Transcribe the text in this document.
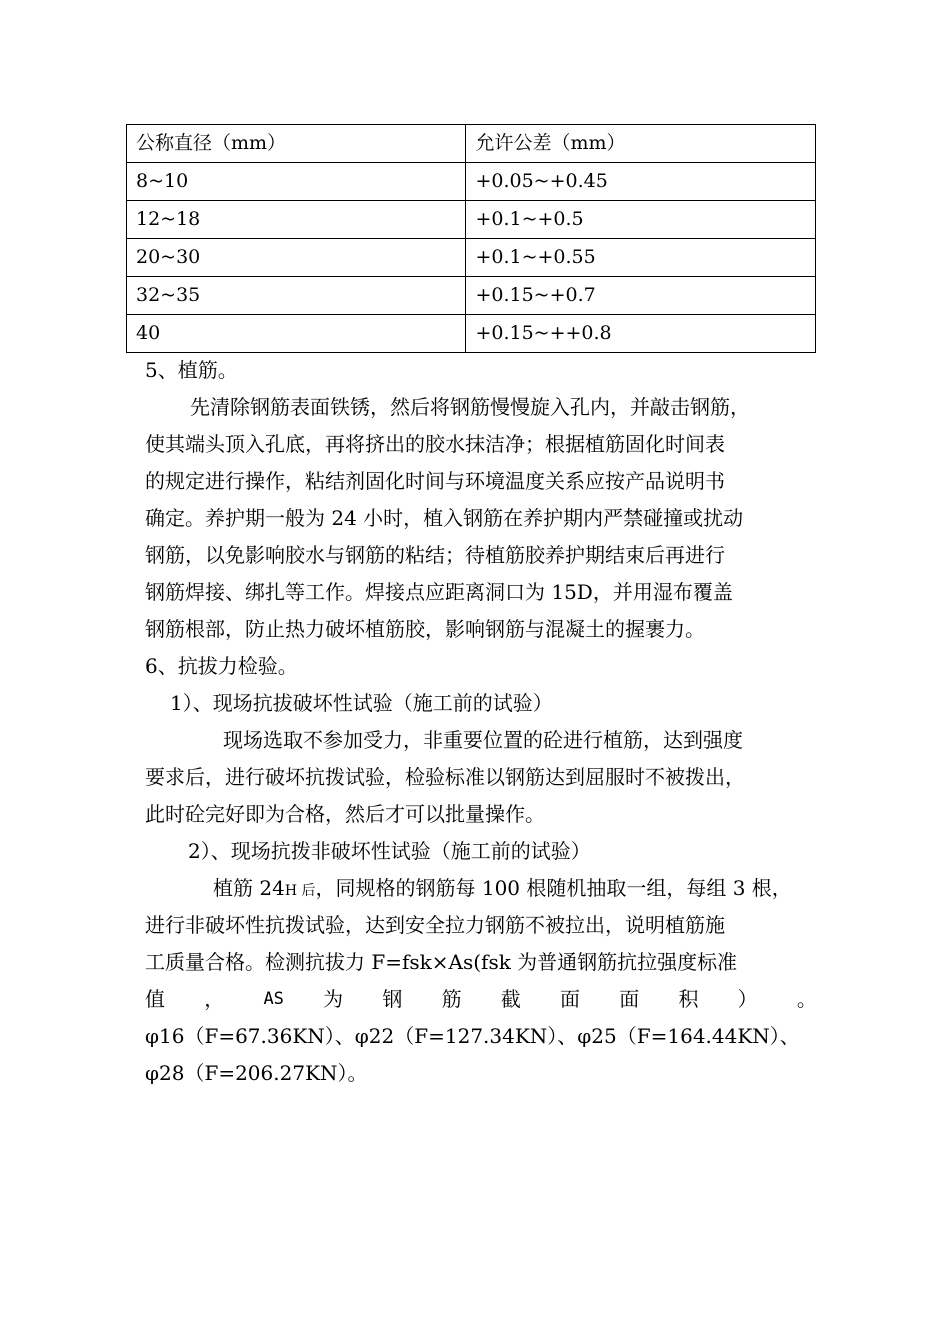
公称直径（mm）	允许公差（mm）
8~10	+0.05~+0.45
12~18	+0.1~+0.5
20~30	+0.1~+0.55
32~35	+0.15~+0.7
40	+0.15~++0.8
5、植筋。
先清除钢筋表面铁锈，然后将钢筋慢慢旋入孔内，并敲击钢筋，
使其端头顶入孔底，再将挤出的胶水抹洁净；根据植筋固化时间表
的规定进行操作，粘结剂固化时间与环境温度关系应按产品说明书
确定。养护期一般为 24 小时，植入钢筋在养护期内严禁碰撞或扰动
钢筋，以免影响胶水与钢筋的粘结；待植筋胶养护期结束后再进行
钢筋焊接、绑扎等工作。焊接点应距离洞口为 15D，并用湿布覆盖
钢筋根部，防止热力破坏植筋胶，影响钢筋与混凝土的握裹力。
6、抗拔力检验。
1）、现场抗拔破坏性试验（施工前的试验）
现场选取不参加受力，非重要位置的砼进行植筋，达到强度
要求后，进行破坏抗拨试验，检验标准以钢筋达到屈服时不被拨出，
此时砼完好即为合格，然后才可以批量操作。
2）、现场抗拨非破坏性试验（施工前的试验）
植筋 24H 后，同规格的钢筋每 100 根随机抽取一组，每组 3 根，
进行非破坏性抗拨试验，达到安全拉力钢筋不被拉出，说明植筋施
工质量合格。检测抗拔力 F=fsk×As(fsk 为普通钢筋抗拉强度标准
值 ， AS 为 钢 筋 截 面 面 积 ） 。
φ16（F=67.36KN）、φ22（F=127.34KN）、φ25（F=164.44KN）、
φ28（F=206.27KN）。
